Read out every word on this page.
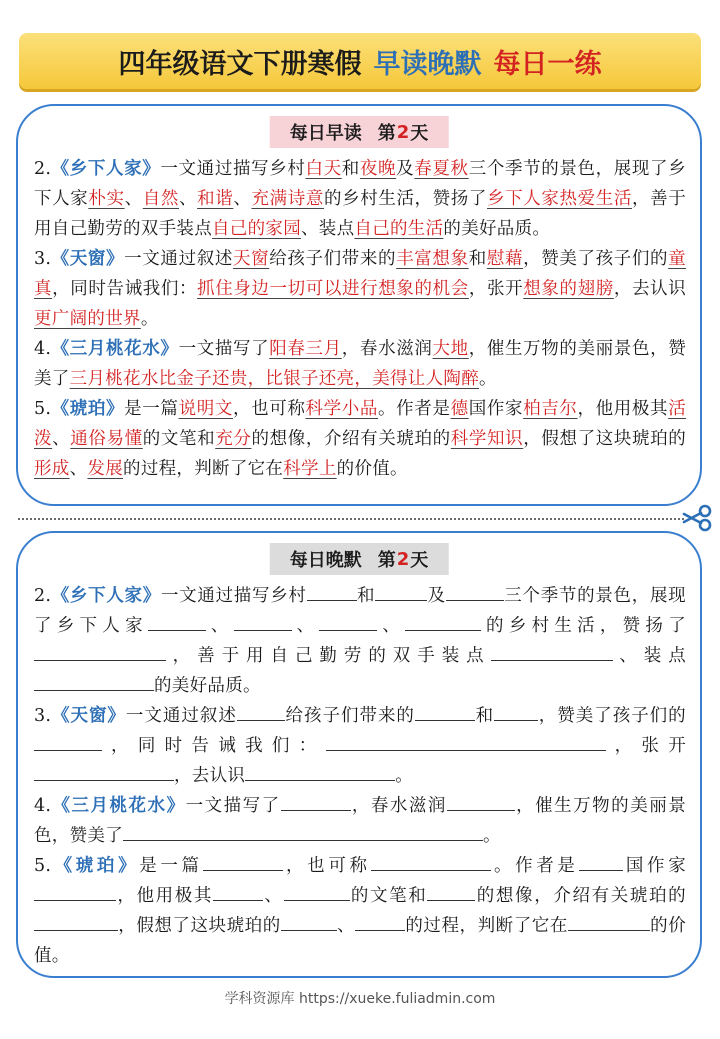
四年级语文下册寒假 早读晚默 每日一练
每日早读 第 2 天

2.《乡下人家》一文通过描写乡村白天和夜晚及春夏秋三个季节的景色，展现了乡下人家朴实、自然、和谐、充满诗意的乡村生活，赞扬了乡下人家热爱生活，善于用自己勤劳的双手装点自己的家园、装点自己的生活的美好品质。

3.《天窗》一文通过叙述天窗给孩子们带来的丰富想象和慰藉，赞美了孩子们的童真，同时告诫我们：抓住身边一切可以进行想象的机会，张开想象的翅膀，去认识更广阔的世界。

4.《三月桃花水》一文描写了阳春三月，春水滋润大地，催生万物的美丽景色，赞美了三月桃花水比金子还贵，比银子还亮，美得让人陶醉。

5.《琥珀》是一篇说明文，也可称科学小品。作者是德国作家柏吉尔，他用极其活泼、通俗易懂的文笔和充分的想像，介绍有关琥珀的科学知识，假想了这块琥珀的形成、发展的过程，判断了它在科学上的价值。

每日晚默 第 2 天

2.《乡下人家》一文通过描写乡村	和	及	三个季节的景色，展现了乡下人家	、	、	、	的乡村生活，赞扬了，善于用自己勤劳的双手装点	、装点的美好品质。

3.《天窗》一文通过叙述	给孩子们带来的	和	，赞美了孩子们的，同时告诫我们：	，张开，去认识	。

4.《三月桃花水》一文描写了	，春水滋润	，催生万物的美丽景色，赞美了	。

5.《琥珀》是一篇	，也可称	。作者是	国作家，他用极其	、	的文笔和	的想像，介绍有关琥珀的，假想了这块琥珀的	、	的过程，判断了它在	的价值。

学科资源库 https://xueke.fuliadmin.com
